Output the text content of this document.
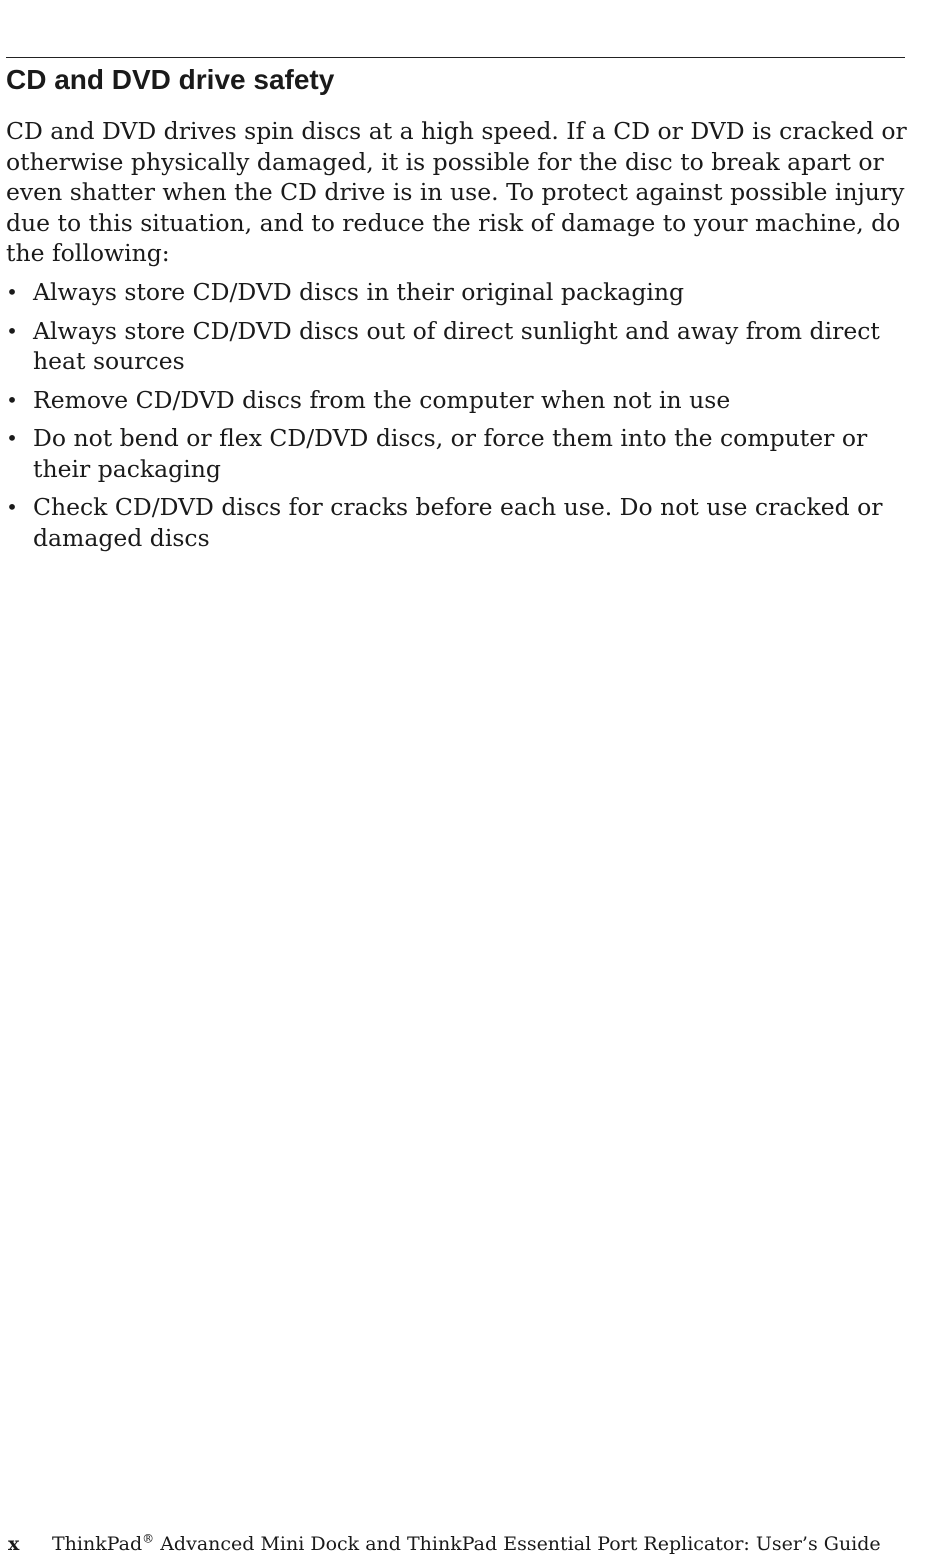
CD and DVD drive safety

CD and DVD drives spin discs at a high speed. If a CD or DVD is cracked or otherwise physically damaged, it is possible for the disc to break apart or even shatter when the CD drive is in use. To protect against possible injury due to this situation, and to reduce the risk of damage to your machine, do the following:

• Always store CD/DVD discs in their original packaging
• Always store CD/DVD discs out of direct sunlight and away from direct heat sources
• Remove CD/DVD discs from the computer when not in use
• Do not bend or flex CD/DVD discs, or force them into the computer or their packaging
• Check CD/DVD discs for cracks before each use. Do not use cracked or damaged discs
x ThinkPad® Advanced Mini Dock and ThinkPad Essential Port Replicator: User’s Guide
